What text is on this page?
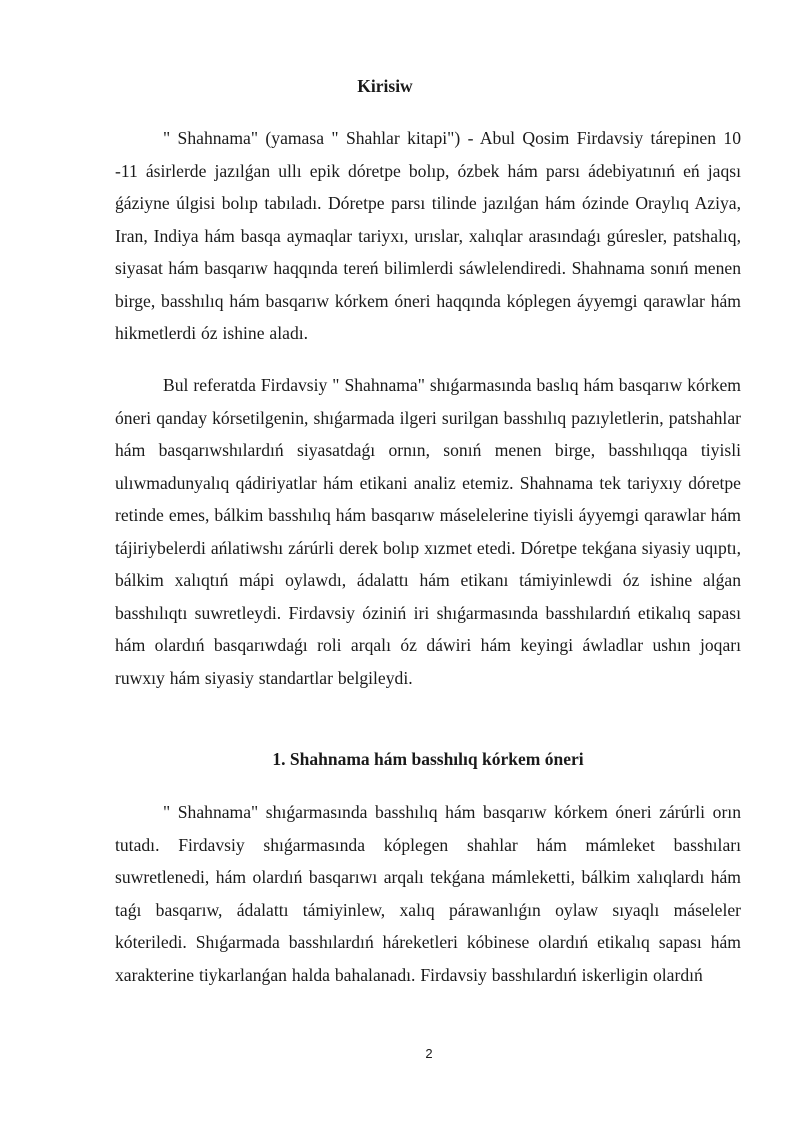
Kirisiw

" Shahnama" (yamasa " Shahlar kitapi") - Abul Qosim Firdavsiy tárepinen 10 -11 ásirlerde jazılǵan ullı epik dóretpe bolıp, ózbek hám parsı ádebiyatınıń eń jaqsı ǵáziyne úlgisi bolıp tabıladı. Dóretpe parsı tilinde jazılǵan hám ózinde Oraylıq Aziya, Iran, Indiya hám basqa aymaqlar tariyxı, urıslar, xalıqlar arasındaǵı gúresler, patshalıq, siyasat hám basqarıw haqqında tereń bilimlerdi sáwlelendiredi. Shahnama sonıń menen birge, basshılıq hám basqarıw kórkem óneri haqqında kóplegen áyyemgi qarawlar hám hikmetlerdi óz ishine aladı.

Bul referatda Firdavsiy " Shahnama" shıǵarmasında baslıq hám basqarıw kórkem óneri qanday kórsetilgenin, shıǵarmada ilgeri surilgan basshılıq pazıyletlerin, patshahlar hám basqarıwshılardıń siyasatdaǵı ornın, sonıń menen birge, basshılıqqa tiyisli ulıwmadunyalıq qádiriyatlar hám etikani analiz etemiz. Shahnama tek tariyxıy dóretpe retinde emes, bálkim basshılıq hám basqarıw máselelerine tiyisli áyyemgi qarawlar hám tájiriybelerdi ańlatiwshı zárúrli derek bolıp xızmet etedi. Dóretpe tekǵana siyasiy uqıptı, bálkim xalıqtıń mápi oylawdı, ádalattı hám etikanı támiyinlewdi óz ishine alǵan basshılıqtı suwretleydi. Firdavsiy óziniń iri shıǵarmasında basshılardıń etikalıq sapası hám olardıń basqarıwdaǵı roli arqalı óz dáwiri hám keyingi áwladlar ushın joqarı ruwxıy hám siyasiy standartlar belgileydi.

1. Shahnama hám basshılıq kórkem óneri

" Shahnama" shıǵarmasında basshılıq hám basqarıw kórkem óneri zárúrli orın tutadı. Firdavsiy shıǵarmasında kóplegen shahlar hám mámleket basshıları suwretlenedi, hám olardıń basqarıwı arqalı tekǵana mámleketti, bálkim xalıqlardı hám taǵı basqarıw, ádalattı támiyinlew, xalıq párawanlıǵın oylaw sıyaqlı máseleler kóteriledi. Shıǵarmada basshılardıń háreketleri kóbinese olardıń etikalıq sapası hám xarakterine tiykarlanǵan halda bahalanadı. Firdavsiy basshılardıń iskerligin olardıń

2
